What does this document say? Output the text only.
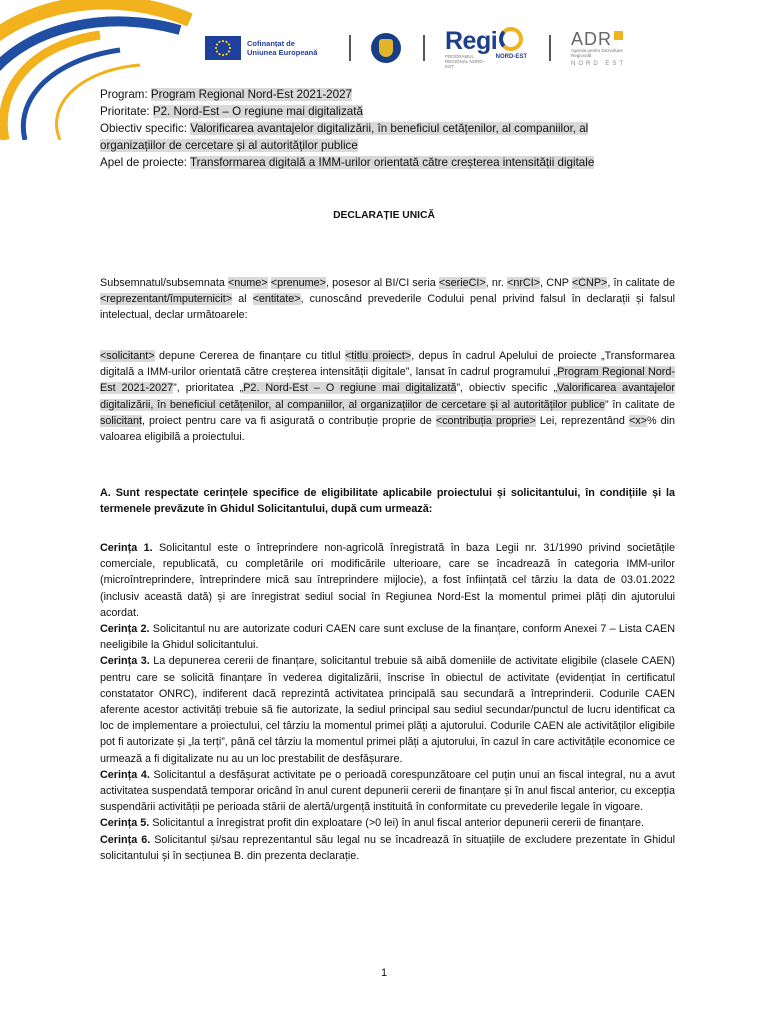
Cofinanțat de
Uniunea Europeană	Regi
PROGRAMUL REGIONAL NORD-EST
NORD-EST
ADR
Agenția pentru Dezvoltare Regională
NORD EST

Program: Program Regional Nord-Est 2021-2027

Prioritate: P2. Nord-Est – O regiune mai digitalizată

Obiectiv specific: Valorificarea avantajelor digitalizării, în beneficiul cetățenilor, al companiilor, al organizațiilor de cercetare și al autorităților publice

Apel de proiecte: Transformarea digitală a IMM-urilor orientată către creșterea intensității digitale

DECLARAȚIE UNICĂ

Subsemnatul/subsemnata <nume> <prenume>, posesor al BI/CI seria <serieCI>, nr. <nrCI>, CNP <CNP>, în calitate de <reprezentant/împuternicit> al <entitate>, cunoscând prevederile Codului penal privind falsul în declarații și falsul intelectual, declar următoarele:

<solicitant> depune Cererea de finanțare cu titlul <titlu proiect>, depus în cadrul Apelului de proiecte „Transformarea digitală a IMM-urilor orientată către creșterea intensității digitale”, lansat în cadrul programului „Program Regional Nord- Est 2021-2027”, prioritatea „P2. Nord-Est – O regiune mai digitalizată”, obiectiv specific „Valorificarea avantajelor digitalizării, în beneficiul cetățenilor, al companiilor, al organizațiilor de cercetare și al autorităților publice” în calitate de solicitant, proiect pentru care va fi asigurată o contribuție proprie de <contribuția proprie> Lei, reprezentând <x>% din valoarea eligibilă a proiectului.

A. Sunt respectate cerințele specifice de eligibilitate aplicabile proiectului și solicitantului, în condițiile și la termenele prevăzute în Ghidul Solicitantului, după cum urmează:

Cerința 1. Solicitantul este o întreprindere non-agricolă înregistrată în baza Legii nr. 31/1990 privind societățile comerciale, republicată, cu completările ori modificările ulterioare, care se încadrează în categoria IMM-urilor (microîntreprindere, întreprindere mică sau întreprindere mijlocie), a fost înființată cel târziu la data de 03.01.2022 (inclusiv această dată) și are înregistrat sediul social în Regiunea Nord-Est la momentul primei plăți din ajutorului acordat.

Cerința 2. Solicitantul nu are autorizate coduri CAEN care sunt excluse de la finanțare, conform Anexei 7 – Lista CAEN neeligibile la Ghidul solicitantului.

Cerința 3. La depunerea cererii de finanțare, solicitantul trebuie să aibă domeniile de activitate eligibile (clasele CAEN) pentru care se solicită finanțare în vederea digitalizării, înscrise în obiectul de activitate (evidențiat în certificatul constatator ONRC), indiferent dacă reprezintă activitatea principală sau secundară a întreprinderii. Codurile CAEN aferente acestor activități trebuie să fie autorizate, la sediul principal sau sediul secundar/punctul de lucru identificat ca loc de implementare a proiectului, cel târziu la momentul primei plăți a ajutorului. Codurile CAEN ale activităților eligibile pot fi autorizate și „la terți”, până cel târziu la momentul primei plăți a ajutorului, în cazul în care activitățile economice ce urmează a fi digitalizate nu au un loc prestabilit de desfășurare.

Cerința 4. Solicitantul a desfășurat activitate pe o perioadă corespunzătoare cel puțin unui an fiscal integral, nu a avut activitatea suspendată temporar oricând în anul curent depunerii cererii de finanțare și în anul fiscal anterior, cu excepția suspendării activității pe perioada stării de alertă/urgență instituită în conformitate cu prevederile legale în vigoare.

Cerința 5. Solicitantul a înregistrat profit din exploatare (>0 lei) în anul fiscal anterior depunerii cererii de finanțare.

Cerința 6. Solicitantul și/sau reprezentantul său legal nu se încadrează în situațiile de excludere prezentate în Ghidul solicitantului și în secțiunea B. din prezenta declarație.

1
